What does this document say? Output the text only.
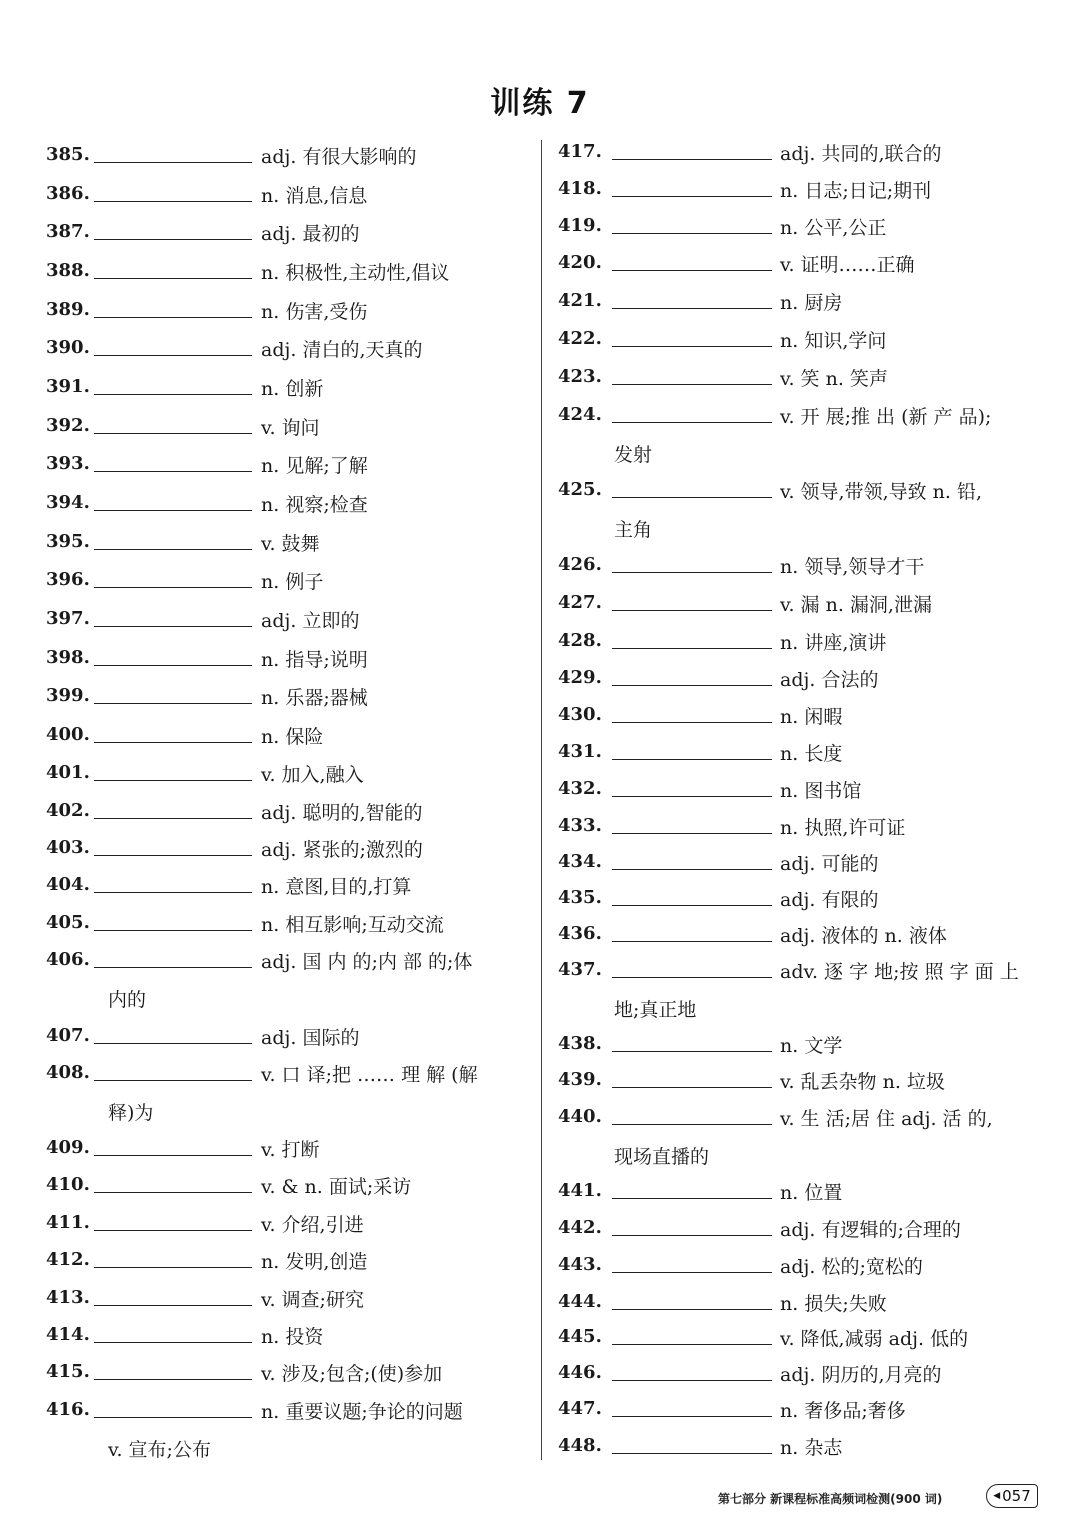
训练 7
385.	adj. 有很大影响的
386.	n. 消息,信息
387.	adj. 最初的
388.	n. 积极性,主动性,倡议
389.	n. 伤害,受伤
390.	adj. 清白的,天真的
391.	n. 创新
392.	v. 询问
393.	n. 见解;了解
394.	n. 视察;检查
395.	v. 鼓舞
396.	n. 例子
397.	adj. 立即的
398.	n. 指导;说明
399.	n. 乐器;器械
400.	n. 保险
401.	v. 加入,融入
402.	adj. 聪明的,智能的
403.	adj. 紧张的;激烈的
404.	n. 意图,目的,打算
405.	n. 相互影响;互动交流
406.	adj. 国 内 的;内 部 的;体
内的
407.	adj. 国际的
408.	v. 口 译;把 …… 理 解 (解
释)为
409.	v. 打断
410.	v. & n. 面试;采访
411.	v. 介绍,引进
412.	n. 发明,创造
413.	v. 调查;研究
414.	n. 投资
415.	v. 涉及;包含;(使)参加
416.	n. 重要议题;争论的问题
v. 宣布;公布
417.	adj. 共同的,联合的
418.	n. 日志;日记;期刊
419.	n. 公平,公正
420.	v. 证明……正确
421.	n. 厨房
422.	n. 知识,学问
423.	v. 笑 n. 笑声
424.	v. 开 展;推 出 (新 产 品);
发射
425.	v. 领导,带领,导致 n. 铅,
主角
426.	n. 领导,领导才干
427.	v. 漏 n. 漏洞,泄漏
428.	n. 讲座,演讲
429.	adj. 合法的
430.	n. 闲暇
431.	n. 长度
432.	n. 图书馆
433.	n. 执照,许可证
434.	adj. 可能的
435.	adj. 有限的
436.	adj. 液体的 n. 液体
437.	adv. 逐 字 地;按 照 字 面 上
地;真正地
438.	n. 文学
439.	v. 乱丢杂物 n. 垃圾
440.	v. 生 活;居 住 adj. 活 的,
现场直播的
441.	n. 位置
442.	adj. 有逻辑的;合理的
443.	adj. 松的;宽松的
444.	n. 损失;失败
445.	v. 降低,减弱 adj. 低的
446.	adj. 阴历的,月亮的
447.	n. 奢侈品;奢侈
448.	n. 杂志
第七部分 新课程标准高频词检测(900 词)	◀ 057
